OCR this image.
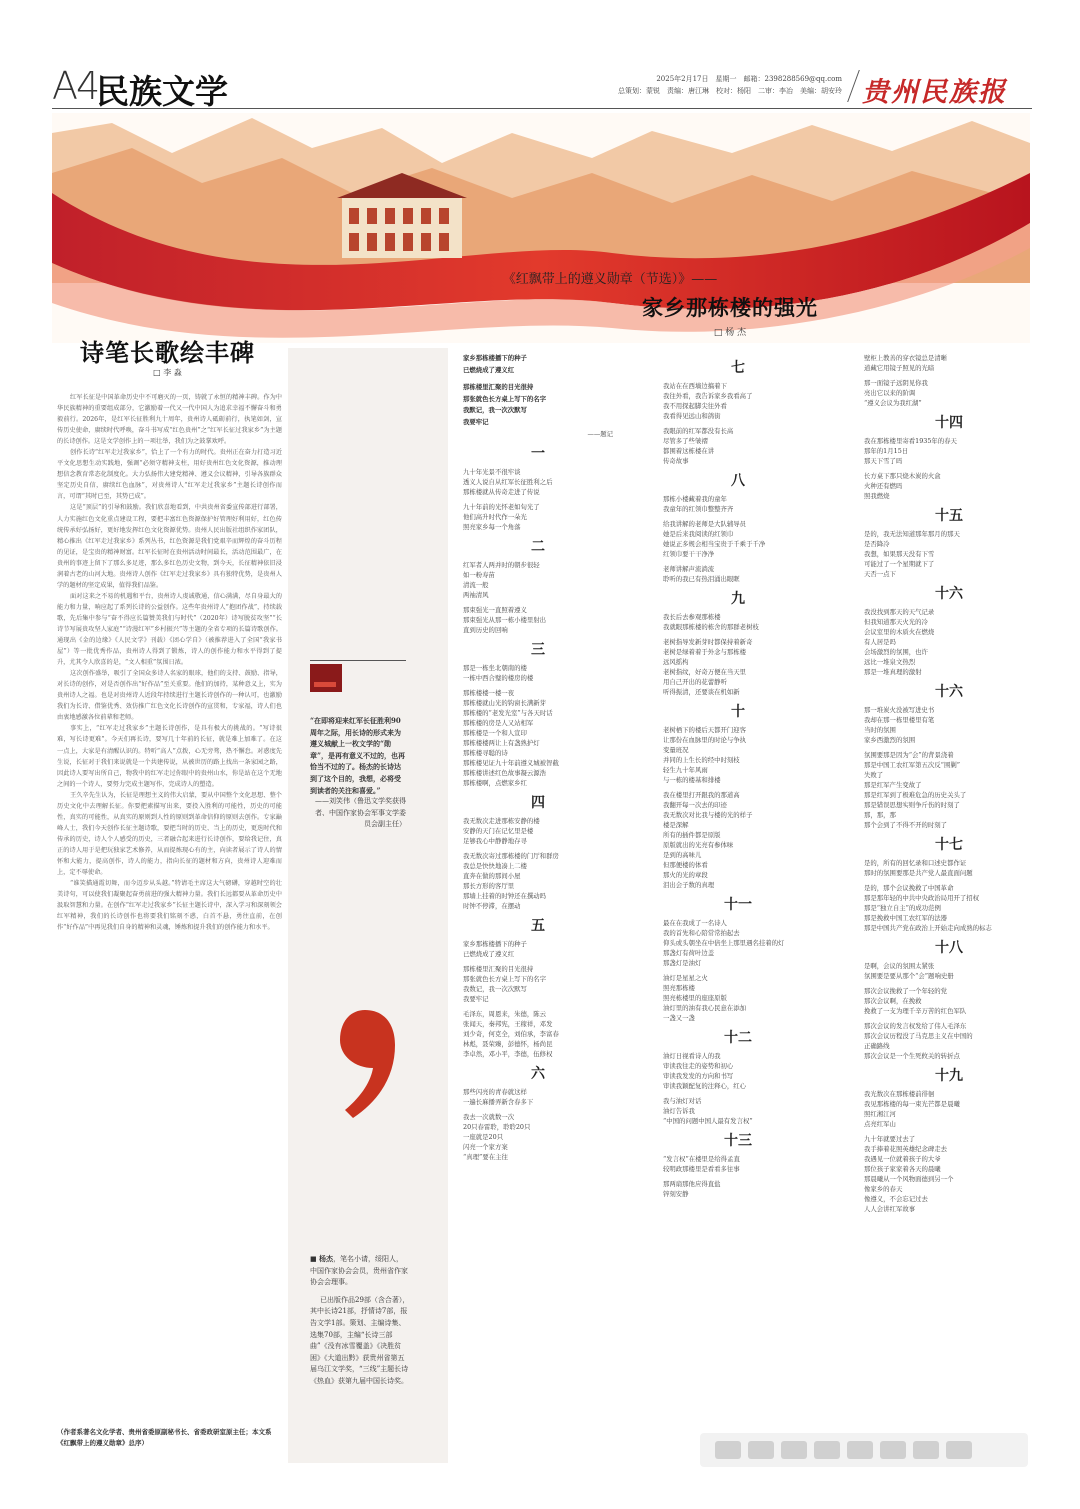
A4
民族文学	2025年2月17日　星期一　邮箱：2398288569@qq.com
总策划：蒙锐　责编：唐江琳　校对：杨阳　二审：李冶　美编：胡安玲 贵州民族报
《红飘带上的遵义勋章（节选）》——
家乡那栋楼的强光
□ 杨 杰
诗笔长歌绘丰碑
□ 李 淼

红军长征是中国革命历史中不可磨灭的一页，铸就了永恒的精神丰碑。作为中华民族精神的重要组成部分，它激励着一代又一代中国人为追求幸福不懈奋斗和勇毅前行。2026年，是红军长征胜利九十周年，贵州诗人砥砺前行，执笔如剑，宣传历史使命，赓续时代呼唤，奋斗书写成“红色贵州”之“红军长征过我家乡”为主题的长诗创作。这是文学创作上的一项壮举，我们为之鼓掌欢呼。

创作长诗“红军走过我家乡”，恰上了一个有力的时代。贵州正在奋力打造习近平文化思想生动实践地，强调“必须守精神支柱，用好贵州红色文化资源，推动理想信念教育常态化制度化。大力弘扬伟大建党精神、遵义会议精神，引导各族群众坚定历史自信，赓续红色血脉”，对贵州诗人“红军走过我家乡”主题长诗创作而言，可谓“其时已至，其势已成”。

这是“顶层”的引导和鼓励。我们欣喜地看到，中共贵州省委宣传部进行部署，人力实施红色文化重点建设工程，要把丰富红色资源保护好管理好利用好，红色传统传承好弘扬好，更好地发挥红色文化资源优势。贵州人民出版社组织作家团队，精心推出《红军走过我家乡》系列丛书，红色资源是我们党艰辛而辉煌的奋斗历程的见证，是宝贵的精神财富。红军长征时在贵州活动时间最长，活动范围最广，在贵州的事迹上留下了那么多足迹，那么多红色历史文物，到今天，长征精神依旧浸润着古老的山河大地。贵州诗人创作《红军走过我家乡》具有独特优势，是贵州人学的题材的坚定成果，值得我们品鉴。

面对这来之不易的机遇和平台，贵州诗人虔诚敬通，信心满满，尽自身最大的能力和力量，响应起了系列长诗的公益创作。这些年贵州诗人“抱团作战”，持续载歌，先后集中参与“奋不得应长篇赞美我们与时代”（2020年）诗写脱贫攻坚”“长诗节写展贵攻坚人家庭”“诗漫红军”乡村振兴”等主题的全省专项的长篇诗歌创作。通现出《金的边缘》《人民文学》刊载）《团心学自》（被推荐进入了全国“我家书屋”）等一批优秀作品，贵州诗人得到了锻炼，诗人的创作能力和水平得到了提升，尤其令人欣喜的是，“文人相重”氛围日浓。

这次创作盛举，吸引了全国众多诗人名家的眼球，他们的支持、鼓励、指导，对长诗的创作，对是否创作出“好作品”至关重要。他们的加持，某种意义上，实为贵州诗人之福。也是对贵州诗人近段年持续进行主题长诗创作的一种认可，也激励我们为长诗、借鉴优秀、效仿推广红色文化长诗创作的宣贯和，专家福，诗人们也由衷地感激各位前辈和老师。

事实上，“红军走过我家乡”主题长诗创作，是具有极大的挑战的。“写诗很难，写长诗更难”。今天们再长诗，要写几十年前的长征，就是难上加难了。在这一点上，大家是有清醒认识的。特听“高人”点拨，心无旁骛，热不懈怠。对惑度先生说，长征对于我们来说就是一个共建传说，从被世历的路上找出一条家园之路，因此诗人要写出所自己，物我中的红军走过你眼中的贵州山水，你是站在这个无地之间的一个诗人，要努力完成主题写作，完成诗人的塑造。

王久辛先生认为，长征是理想主义的伟大启蒙，要从中国整个文化思想、整个历史文化中去理解长征。你要把素描写出来，要投入胜利的可能性，历史的可能性，真实的可能性，从真实的原则到人性的原则到革命信仰的原则去创作。专家巅峰人士，我们今天创作长征主题诗歌，要把当时的历史、当上的历史，更迭时代和传承的历史，诗人个人感受的历史，三者融合起来进行长诗创作，要给我记住，真正的诗人用于是把玩独家艺术修养，从而提炼现心有的主，向读者展示了诗人的情怀和大能力，提高创作，诗人的能力，指向长征的题材和方向，贵州诗人迎难而上，定不辱使命。

“谁笑描通霞切舞，而今迈步从头越。”特请毛主席这大气磅礴，穿越时空的壮美诗句，可以使我们凝聚起奋勇前进的强大精神力量。我们长远都要从革命历史中汲取智慧和力量。在创作“红军走过我家乡”长征主题长诗中，深入学习和深刻领会红军精神，我们的长诗创作也将要我们铭刻不惑，白首不悬，勇往直前，在创作“好作品”中再见我们自身的精神和灵魂，锤炼和提升我们的创作能力和水平。

（作者系著名文化学者、贵州省委原副秘书长、省委政研室原主任；本文系《红飘带上的遵义勋章》总序）
“在即将迎来红军长征胜利90周年之际，用长诗的形式来为遵义城献上一枚文学的“勋章”，是再有意义不过的，也再恰当不过的了。杨杰的长诗达到了这个目的，我想，必将受到读者的关注和喜爱。”
——刘笑伟（鲁迅文学奖获得者、中国作家协会军事文学委员会副主任）
■ 杨杰，笔名小请，绥阳人，中国作家协会会员，贵州省作家协会会理事。
已出版作品29部（含合著），其中长诗21部，抒情诗7部，报告文学1部。策划、主编诗集、选集70部，主编“长诗三部曲”《没有冰雪覆盖》《决胜贫困》《大道出黔》获贵州省第五届乌江文学奖，“三线”主题长诗《热血》获第九届中国长诗奖。
家乡那栋楼播下的种子
已燃烧成了遵义红
那栋楼里汇聚的目光很持
那张就色长方桌上写下的名字
我默记，我一次次默写
我要牢记
——题记
一
九十年光景不很牢谈
透义人说自从红军长征胜利之后
那栋楼就从传奇走进了传说
九十年前的光怀老如旬光了
他们高升时代作一朵光
照亮家乡每一个角落
二
红军者人两并时的朝步很轻
如一粉寿苗
清流一般
两袖清风
那束强光一直照着遵义
那束强光从那一栋小楼里射出
直到历史的回响
三
那是一栋坐北朝南的楼
一栋中西合璧的楼房的楼
那栋楼楼一楼一夜
那栋楼就山光的钩窗长满新芽
那栋楼的“老发光室”与各天时话
那栋楼的房是人又站相军
那栋楼是一个和人宣印
那栋楼楼两让上有盏熟护灯
那栋楼寻聪的诗
那栋楼见证九十年前遵义城被智截
那栋楼讲述红色故事凝云源浩
那栋楼啊，点燃家乡红
四
我无数次走进那栋安静的楼
安静的天门在记忆里是楼
足够我心中静静地存寻
我无数次寄过那栋楼的门厅和群房
我总是快快地凑上二楼
直奔在做的那间小屋
那长方形的客厅里
那墙上挂着的时钟还在撰动吗
时钟不停滞，在摆动
五
家乡那栋楼播下的种子
已燃烧成了遵义红
那栋楼里汇聚的目光很持
那张就色长方桌上写下的名字
我数记，我一次次默写
我要牢记
毛泽东，周恩来，朱德，陈云
张闻天，秦邦宪，王稼祥，邓发
刘少奇，何克全，刘伯承，李富春
林彪，聂荣臻，彭德怀，杨尚昆
李卓然，邓小平，李德，伍修权
六
那些闪亮的青春就这样
一遍长麻播弄新含春多下
我去一次就数一次
20只春雷聆，聆聆20只
一座就是20只
闪亮一个家方案
“真理”要在主往
七
我站在在西墙边搞着下
我往外看，我告诉家乡我看高了
我不用探起脚尖往外看
我看得见远山和鸽街
我眼前的红军都没有长高
尽管多了些皱褶
都围着这栋楼在讲
传奇故事
八
那栋小楼藏着我的童年
我童年的红领巾整整齐齐
给我讲解的老师是大队辅导员
她是后来我阅读的红领巾
她说正多规会相当宝贵于千乘于千净
红领巾要干干净净
老师讲解声流淌流
聆听的我已有热泪涌出眼眶
九
我长后去参观那栋楼
我就眼那栋楼的栋舍的那群老树枝
老树指导发新芽时都保持着新奇
老树是绿着着于外念与那栋楼
远风摇构
老树指纹，好奇万便在当天里
用自己开出的花蕾静听
听得振清，还要谈在机如新
十
老树栖下的楼后天都开门迎客
让那份在血脉里的时论与争执
变量班况
并同的上生长的经中时刻枝
轻生九十年风雨
与一栋的楼基和排楼
我在楼里打开跟我的那道高
我翻开每一次去的印迹
我无数次对比我与楼的光的样子
楼是深解
所有的插件都是原版
原版就出的光亮有参体味
是到的高味儿
但那便楼的体看
那火的光的章段
泪出会子数的真理
十一
最在在我成了一名诗人
我的首先和心陪常常拍起去
仰头或头朝坐在中倍坐上那里遇名挂着的灯
那盏灯有荷叶边盖
那盏灯是油灯
油灯是星星之火
照亮那栋楼
照亮栋楼里的座座原版
油灯里的油有我心民意在添加
一盏又一盏
十二
油灯日视看诗人的我
审读我往走的姿势和初心
审读我发发的方向和书写
审读我颖配复的注释心，红心
我与油灯对话
油灯告诉我
“中国的问题中国人最有发言权”
十三
“发言权”在楼里是给得孟直
较明政那楼里是看看多往事
那两扇那他应得直盐
锌刻安静
壁柜上教善的穿衣镜总是清晰
道藏它用镜子照见的光暗
那一面镜子远阴见你我
亮出它以来的阶调
“遵义会议为我红湖”
十四
我在那栋楼里寄看1935年的春天
那年的1月15日
那天下雪了吗
长方桌下那只烧木炭的火盒
火种还有燃吗
照我燃烧
十五
是的，我无法知道那年那月的那天
是否降冷
我想，如果那天没有下雪
可能过了一个星期就下了
天否一点下
十六
我没找到那天的天气记录
但我知道那天火光的冷
会议室里的木质火在燃烧
有人居是吗
会场激烈的氛围，也许
远比一堆泉文热烈
那是一堆真理的激射
十六
那一堆炭火没被写进史书
我却在那一栋里楼里有笔
当时的氛围
家乡西激烈的氛围
氛围要那是因为“会”的背景浇着
那是中国工农红军第五次反“围剿”
失败了
那是红军产生变故了
那是红军到了极难危急的历史关头了
那是错误思想实则争斤伤的时刻了
那，那，那
那个会到了不得不开的时刻了
十七
是的，所有的回忆录和口述史都作证
那时的氛围要那是共产党人最直面问题
是的，那个会议挽救了中国革命
那是那年轻的中共中央政治局用开了招权
那是“独立自主”的成功范例
那是挽救中国工农红军的法器
那是中国共产党在政治上开始走向成熟的标志
十八
是啊，会议的氛围太紧张
氛围要是要从那个“会”题响史册
那次会议挽救了一个年轻的党
那次会议啊，在挽救
挽救了一支为理千辛万苦的红色军队
那次会议的发言权发给了伟人毛泽东
那次会议历程没了马克思主义在中国的
正确路线
那次会议是一个生死攸关的转折点
十九
我光数次在那栋楼前徘徊
我见那栋楼的每一束光芒都是晨曦
照红湘江河
点亮红军山
九十年就要过去了
我手捧着花照英雄纪念碑走去
我遇见一位就着孩子的大爷
那位孩子家家着各天的晨曦
那晨曦从一个风物面德到另一个
像家乡的春天
像遵义，不会忘记过去
人人会讲红军故事
